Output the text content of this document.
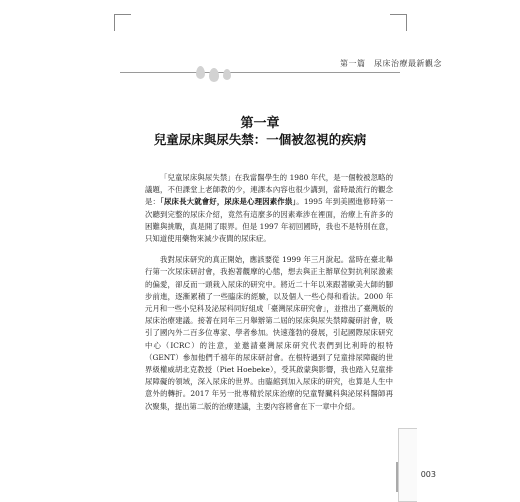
第一篇　尿床治療最新觀念
第一章
兒童尿床與尿失禁：一個被忽視的疾病

「兒童尿床與尿失禁」在我當醫學生的 1980 年代，是一個較被忽略的議題，不但課堂上老師教的少，連課本內容也很少講到，當時最流行的觀念是：「尿床長大就會好，尿床是心理因素作祟」。1995 年到美國進修時第一次聽到完整的尿床介紹，竟然有這麼多的因素牽涉在裡面，治療上有許多的困難與挑戰，真是開了眼界。但是 1997 年初回國時，我也不是特別在意，只知道使用藥物來減少夜間的尿床症。

我對尿床研究的真正開始，應該要從 1999 年三月說起。當時在臺北舉行第一次尿床研討會，我抱著觀摩的心態，想去與正主辦單位對抗利尿激素的偏愛，卻反而一頭栽入尿床的研究中。將近二十年以來跟著歐美大師的腳步前進，逐漸累積了一些臨床的經驗，以及個人一些心得和看法。2000 年元月和一些小兒科及泌尿科同好組成「臺灣尿床研究會」，並推出了臺灣版的尿床治療建議。接著在同年三月舉辦第二屆的尿床與尿失禁障礙研討會，吸引了國內外二百多位專家、學者參加。快速蓬勃的發展，引起國際尿床研究中心（ICRC）的注意，並邀請臺灣尿床研究代表們到比利時的根特（GENT）參加他們千禧年的尿床研討會。在根特遇到了兒童排尿障礙的世界級權威胡北克教授（Piet Hoebeke），受其啟蒙與影響，我也踏入兒童排尿障礙的領域，深入尿床的世界。由臨館到加入尿床的研究，也算是人生中意外的轉折。2017 年另一批專精於尿床治療的兒童腎臟科與泌尿科醫師再次聚集，提出第二版的治療建議，主要內容將會在下一章中介紹。

003
